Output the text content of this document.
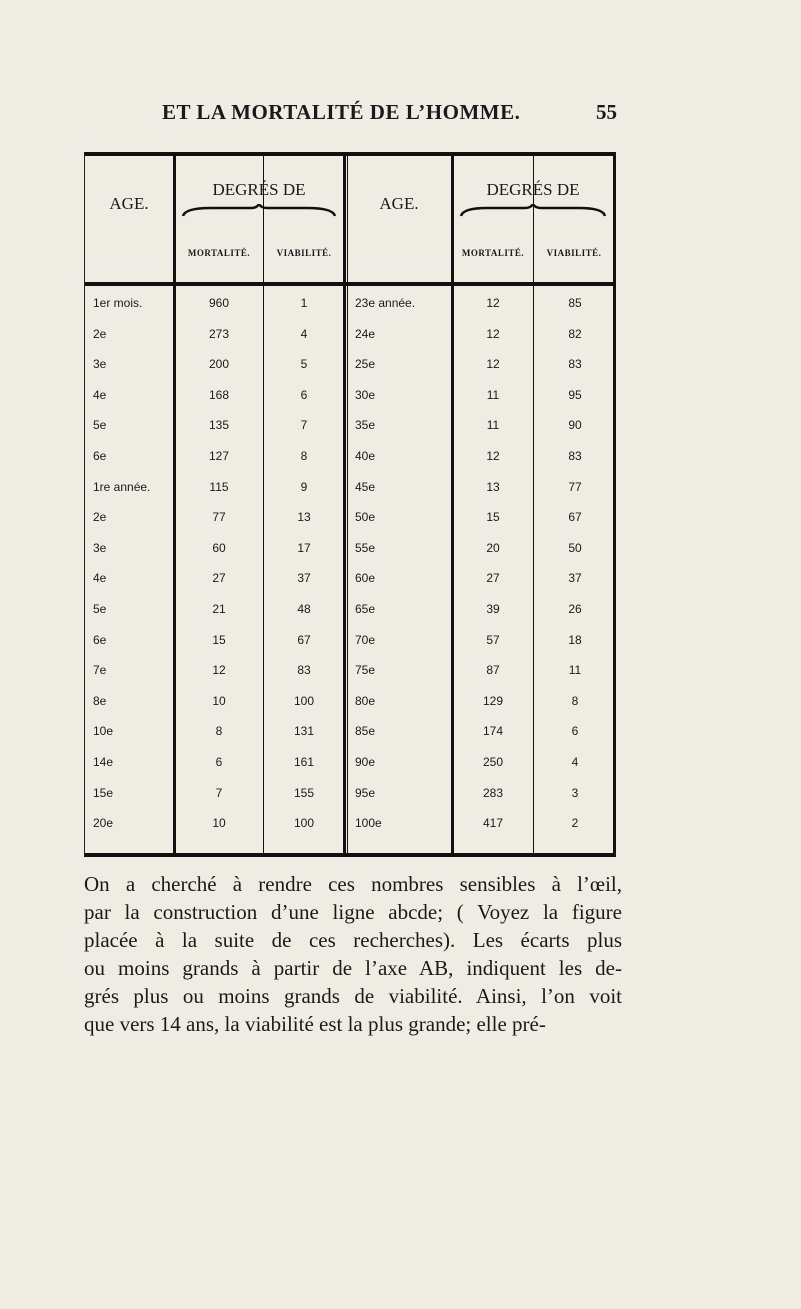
ET LA MORTALITÉ DE L’HOMME.	55
AGE.
DEGRÉS DE
MORTALITÉ.	VIABILITÉ.
AGE.
DEGRÉS DE
MORTALITÉ.	VIABILITÉ.
1er mois.	960	1	23e année.	12	85
2e	273	4	24e	12	82
3e	200	5	25e	12	83
4e	168	6	30e	11	95
5e	135	7	35e	11	90
6e	127	8	40e	12	83
1re année.	115	9	45e	13	77
2e	77	13	50e	15	67
3e	60	17	55e	20	50
4e	27	37	60e	27	37
5e	21	48	65e	39	26
6e	15	67	70e	57	18
7e	12	83	75e	87	11
8e	10	100	80e	129	8
10e	8	131	85e	174	6
14e	6	161	90e	250	4
15e	7	155	95e	283	3
20e	10	100	100e	417	2
On a cherché à rendre ces nombres sensibles à l’œil,
par la construction d’une ligne abcde; ( Voyez la figure
placée à la suite de ces recherches). Les écarts plus
ou moins grands à partir de l’axe AB, indiquent les de-
grés plus ou moins grands de viabilité. Ainsi, l’on voit
que vers 14 ans, la viabilité est la plus grande; elle pré-
